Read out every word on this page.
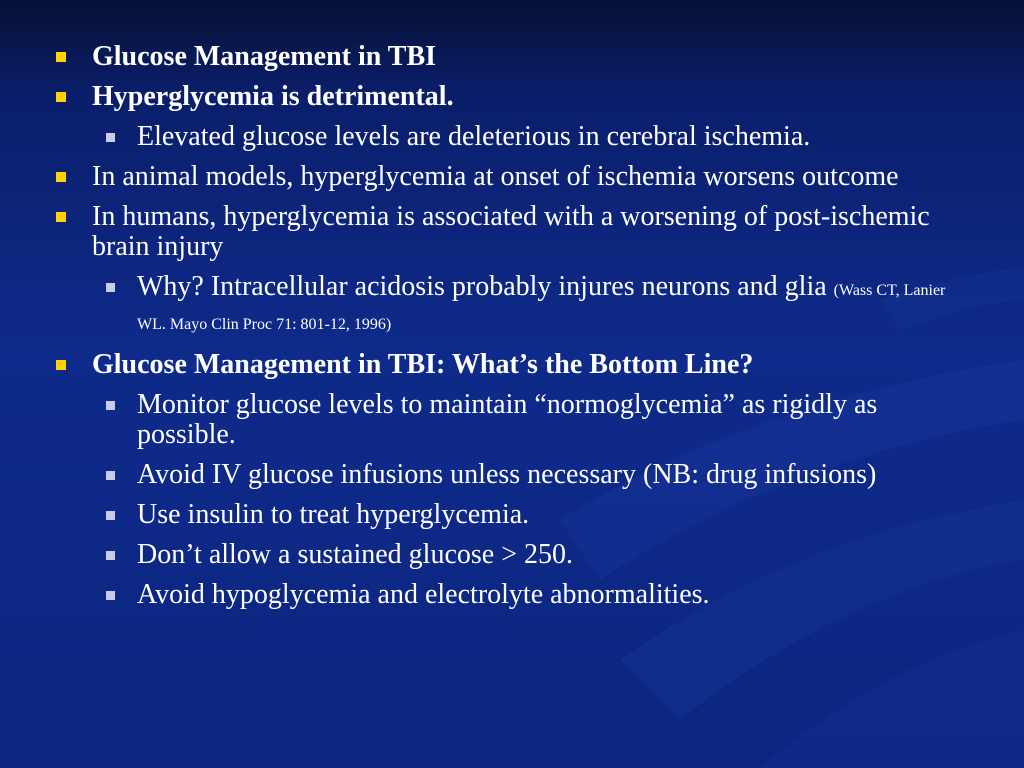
Glucose Management in TBI
Hyperglycemia is detrimental.
Elevated glucose levels are deleterious in cerebral ischemia.
In animal models, hyperglycemia at onset of ischemia worsens outcome
In humans, hyperglycemia is associated with a worsening of post-ischemic brain injury
Why? Intracellular acidosis probably injures neurons and glia (Wass CT, Lanier WL. Mayo Clin Proc 71: 801-12, 1996)
Glucose Management in TBI: What’s the Bottom Line?
Monitor glucose levels to maintain “normoglycemia” as rigidly as possible.
Avoid IV glucose infusions unless necessary (NB: drug infusions)
Use insulin to treat hyperglycemia.
Don’t allow a sustained glucose > 250.
Avoid hypoglycemia and electrolyte abnormalities.
